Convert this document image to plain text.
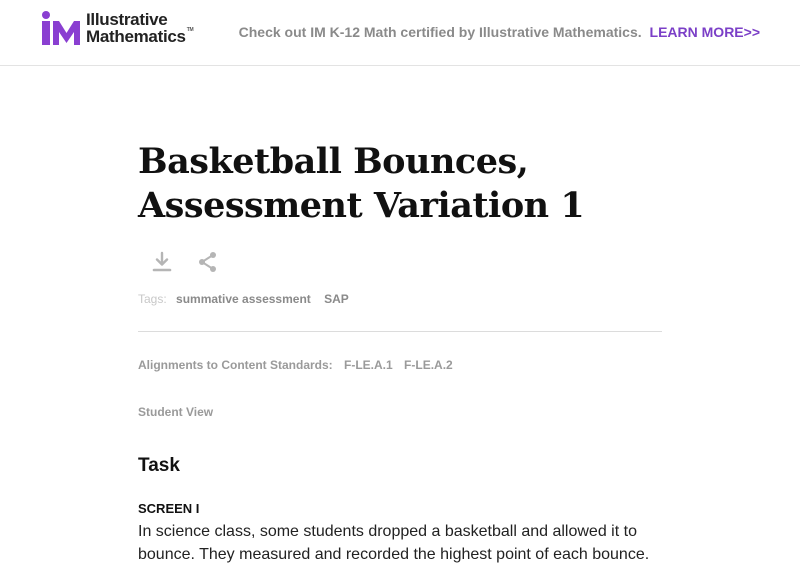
Illustrative
Mathematics™	Check out IM K-12 Math certified by Illustrative Mathematics. LEARN MORE>>
Basketball Bounces,
Assessment Variation 1
Tags: summative assessment SAP
Alignments to Content Standards: F-LE.A.1 F-LE.A.2
Student View
Task
SCREEN I

In science class, some students dropped a basketball and allowed it to bounce. They measured and recorded the highest point of each bounce.
